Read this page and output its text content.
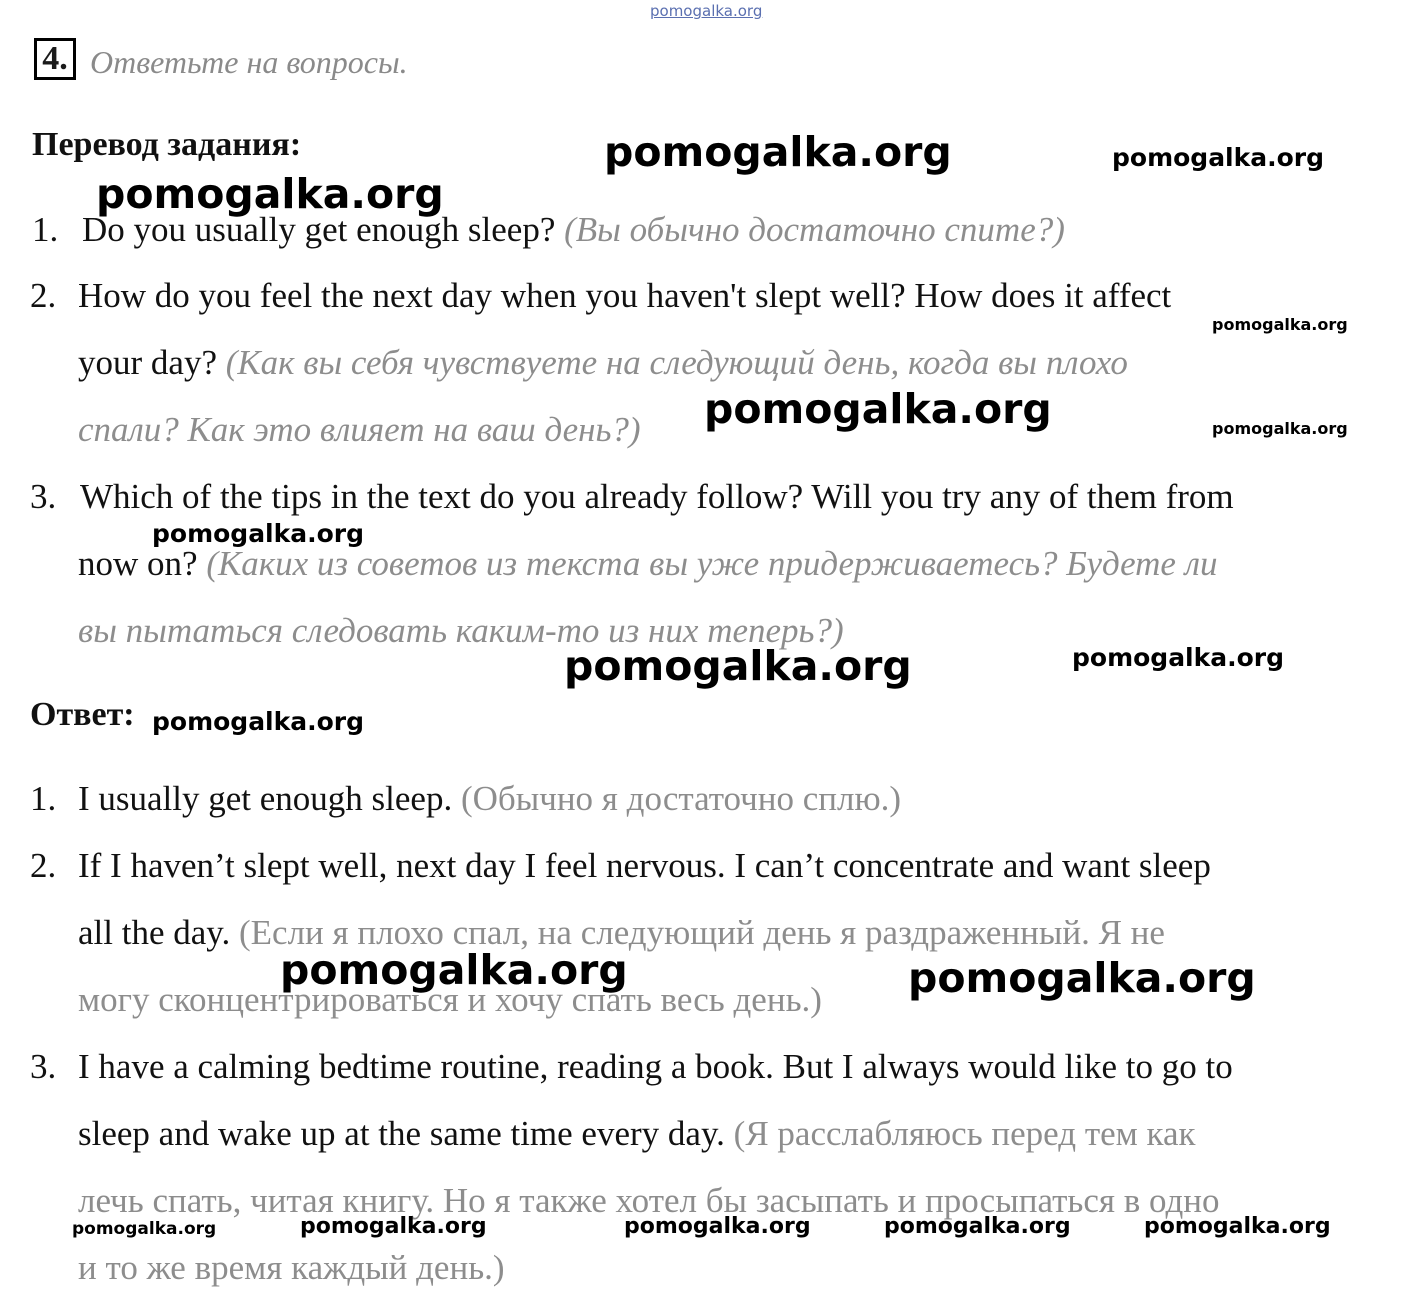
pomogalka.org
4. Ответьте на вопросы.
Перевод задания:
1. Do you usually get enough sleep? (Вы обычно достаточно спите?)
2. How do you feel the next day when you haven't slept well? How does it affect
your day? (Как вы себя чувствуете на следующий день, когда вы плохо
спали? Как это влияет на ваш день?)
3. Which of the tips in the text do you already follow? Will you try any of them from
now on? (Каких из советов из текста вы уже придерживаетесь? Будете ли
вы пытаться следовать каким-то из них теперь?)
Ответ:
1. I usually get enough sleep. (Обычно я достаточно сплю.)
2. If I haven’t slept well, next day I feel nervous. I can’t concentrate and want sleep
all the day. (Если я плохо спал, на следующий день я раздраженный. Я не
могу сконцентрироваться и хочу спать весь день.)
3. I have a calming bedtime routine, reading a book. But I always would like to go to
sleep and wake up at the same time every day. (Я расслабляюсь перед тем как
лечь спать, читая книгу. Но я также хотел бы засыпать и просыпаться в одно
и то же время каждый день.)
pomogalka.org	pomogalka.org
pomogalka.org
pomogalka.org
pomogalka.org	pomogalka.org
pomogalka.org
pomogalka.org	pomogalka.org
pomogalka.org
pomogalka.org	pomogalka.org
pomogalka.org	pomogalka.org	pomogalka.org	pomogalka.org	pomogalka.org
